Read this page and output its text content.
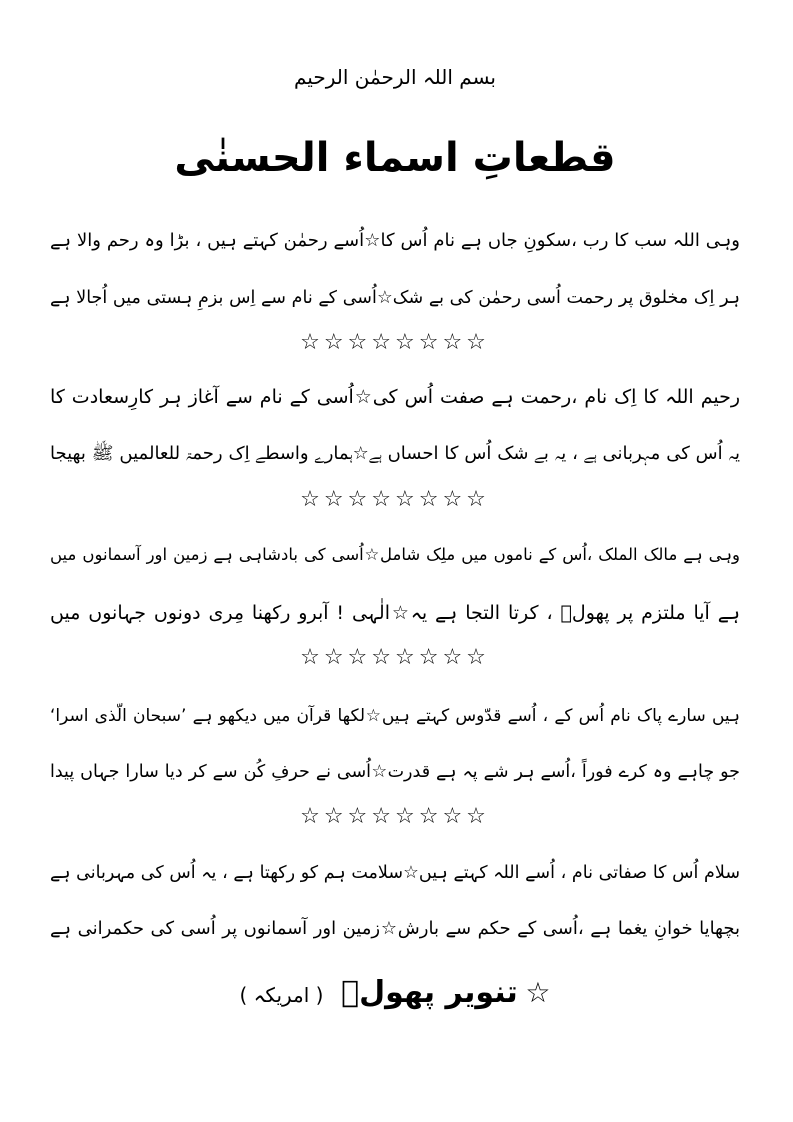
بسم اللہ الرحمٰن الرحیم
قطعاتِ اسماء الحسنٰی
وہی اللہ سب کا رب ،سکونِ جاں ہے نام اُس کا☆اُسے رحمٰن کہتے ہیں ، بڑا وہ رحم والا ہے
ہر اِک مخلوق پر رحمت اُسی رحمٰن کی بے شک☆اُسی کے نام سے اِس بزمِ ہستی میں اُجالا ہے
☆☆☆☆☆☆☆☆
رحیم اللہ کا اِک نام ،رحمت ہے صفت اُس کی☆اُسی کے نام سے آغاز ہر کارِسعادت کا
یہ اُس کی مہربانی ہے ، یہ بے شک اُس کا احساں ہے☆ہمارے واسطے اِک رحمۃ للعالمیں ﷺ بھیجا
☆☆☆☆☆☆☆☆
وہی ہے مالک الملک ،اُس کے ناموں میں ملِک شامل☆اُسی کی بادشاہی ہے زمین اور آسمانوں میں
ہے آیا ملتزم پر پھولؔ ، کرتا التجا ہے یہ☆الٰہی ! آبرو رکھنا مِری دونوں جہانوں میں
☆☆☆☆☆☆☆☆
ہیں سارے پاک نام اُس کے ، اُسے قدّوس کہتے ہیں☆لکھا قرآن میں دیکھو ہے ’سبحان الّذی اسرا‘
جو چاہے وہ کرے فوراً ،اُسے ہر شے پہ ہے قدرت☆اُسی نے حرفِ کُن سے کر دیا سارا جہاں پیدا
☆☆☆☆☆☆☆☆
سلام اُس کا صفاتی نام ، اُسے اللہ کہتے ہیں☆سلامت ہم کو رکھتا ہے ، یہ اُس کی مہربانی ہے
بچھایا خوانِ یغما ہے ،اُسی کے حکم سے بارش☆زمین اور آسمانوں پر اُسی کی حکمرانی ہے
☆ تنویر پھولؔ ( امریکہ )
